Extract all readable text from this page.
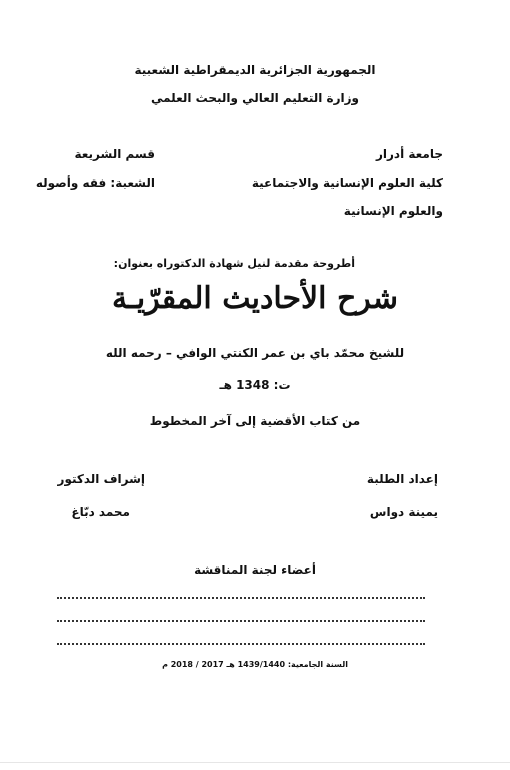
الجمهورية الجزائرية الديمقراطية الشعبية
وزارة التعليم العالي والبحث العلمي
جامعة أدرار
كلية العلوم الإنسانية والاجتماعية
والعلوم الإنسانية
قسم الشريعة
الشعبة: فقه وأصوله
أطروحة مقدمة لنيل شهادة الدكتوراه بعنوان:
شرح الأحاديث المقرّيـة
للشيخ محمّد باي بن عمر الكنتي الوافي – رحمه الله
ت: 1348 هـ
من كتاب الأقضية إلى آخر المخطوط
إعداد الطلبة
يمينة دواس
إشراف الدكتور
محمد دبّاغ
أعضاء لجنة المناقشة
السنة الجامعية: 1439/1440 هـ 2017 / 2018 م
